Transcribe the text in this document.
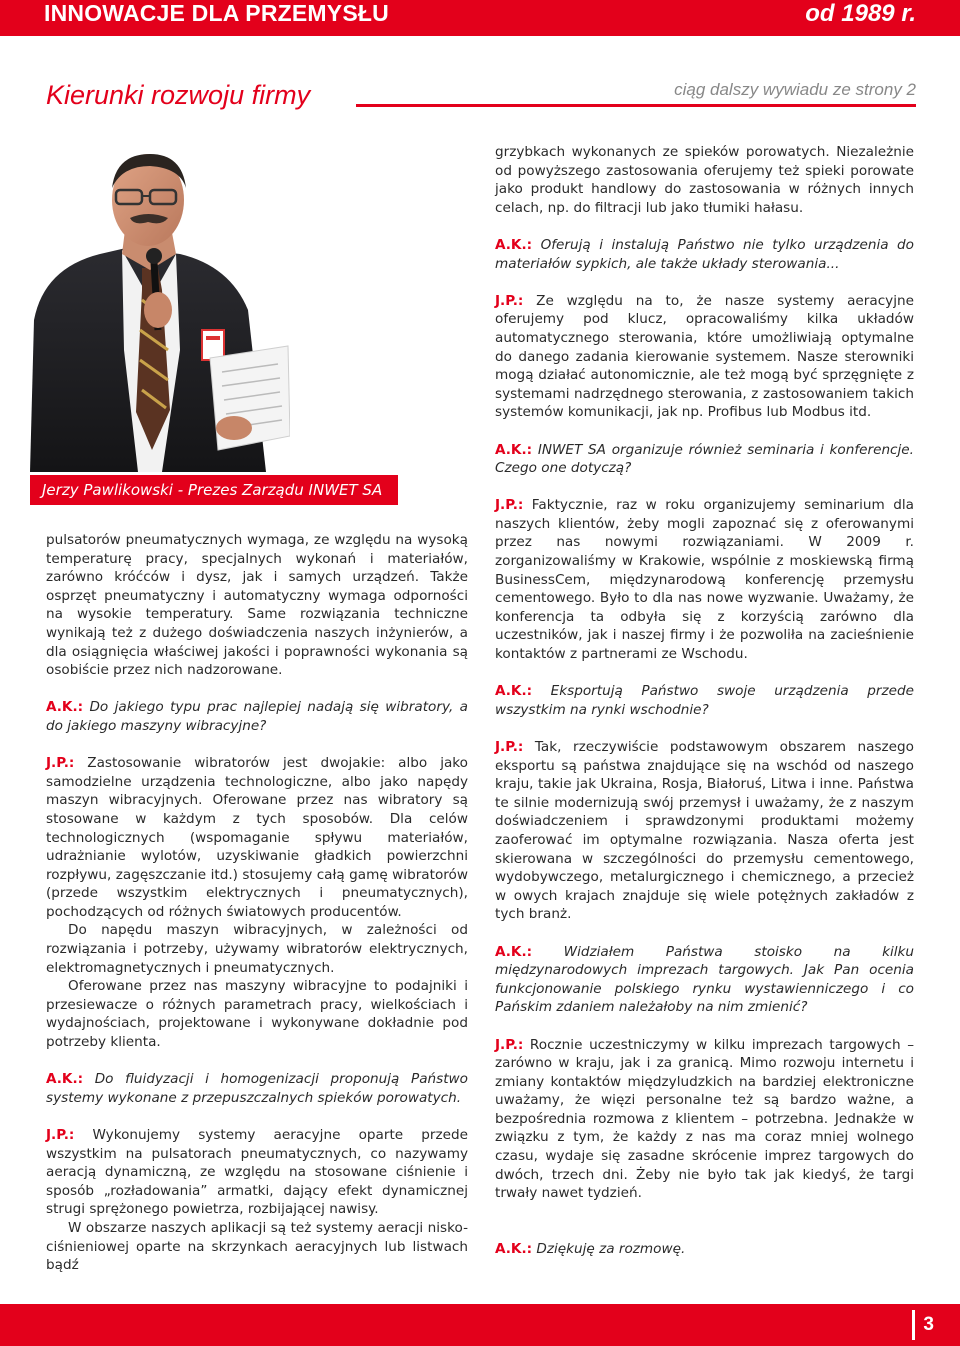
INNOWACJE DLA PRZEMYSŁU	od 1989 r.
Kierunki rozwoju firmy	ciąg dalszy wywiadu ze strony 2
Jerzy Pawlikowski - Prezes Zarządu INWET SA

pulsatorów pneumatycznych wymaga, ze względu na wysoką temperaturę pracy, specjalnych wykonań i materiałów, zarówno króćców i dysz, jak i samych urządzeń. Także osprzęt pneumatyczny i automatyczny wymaga odporności na wysokie temperatury. Same rozwiązania techniczne wynikają też z dużego doświadczenia naszych inżynierów, a dla osiągnięcia właściwej jakości i poprawności wykonania są osobiście przez nich nadzorowane.

A.K.: Do jakiego typu prac najlepiej nadają się wibratory, a do jakiego maszyny wibracyjne?

J.P.: Zastosowanie wibratorów jest dwojakie: albo jako samodzielne urządzenia technologiczne, albo jako napędy maszyn wibracyjnych. Oferowane przez nas wibratory są stosowane w każdym z tych sposobów. Dla celów technologicznych (wspomaganie spływu materiałów, udrażnianie wylotów, uzyskiwanie gładkich powierzchni rozpływu, zagęszczanie itd.) stosujemy całą gamę wibratorów (przede wszystkim elektrycznych i pneumatycznych), pochodzących od różnych światowych producentów.

Do napędu maszyn wibracyjnych, w zależności od rozwiązania i potrzeby, używamy wibratorów elektrycznych, elektromagnetycznych i pneumatycznych.

Oferowane przez nas maszyny wibracyjne to podajniki i przesiewacze o różnych parametrach pracy, wielkościach i wydajnościach, projektowane i wykonywane dokładnie pod potrzeby klienta.

A.K.: Do fluidyzacji i homogenizacji proponują Państwo systemy wykonane z przepuszczalnych spieków porowatych.

J.P.: Wykonujemy systemy aeracyjne oparte przede wszystkim na pulsatorach pneumatycznych, co nazywamy aeracją dynamiczną, ze względu na stosowane ciśnienie i sposób „rozładowania” armatki, dający efekt dynamicznej strugi sprężonego powietrza, rozbijającej nawisy.

W obszarze naszych aplikacji są też systemy aeracji nisko-ciśnieniowej oparte na skrzynkach aeracyjnych lub listwach bądź

grzybkach wykonanych ze spieków porowatych. Niezależnie od powyższego zastosowania oferujemy też spieki porowate jako produkt handlowy do zastosowania w różnych innych celach, np. do filtracji lub jako tłumiki hałasu.

A.K.: Oferują i instalują Państwo nie tylko urządzenia do materiałów sypkich, ale także układy sterowania...

J.P.: Ze względu na to, że nasze systemy aeracyjne oferujemy pod klucz, opracowaliśmy kilka układów automatycznego sterowania, które umożliwiają optymalne do danego zadania kierowanie systemem. Nasze sterowniki mogą działać autonomicznie, ale też mogą być sprzęgnięte z systemami nadrzędnego sterowania, z zastosowaniem takich systemów komunikacji, jak np. Profibus lub Modbus itd.

A.K.: INWET SA organizuje również seminaria i konferencje. Czego one dotyczą?

J.P.: Faktycznie, raz w roku organizujemy seminarium dla naszych klientów, żeby mogli zapoznać się z oferowanymi przez nas nowymi rozwiązaniami. W 2009 r. zorganizowaliśmy w Krakowie, wspólnie z moskiewską firmą BusinessCem, międzynarodową konferencję przemysłu cementowego. Było to dla nas nowe wyzwanie. Uważamy, że konferencja ta odbyła się z korzyścią zarówno dla uczestników, jak i naszej firmy i że pozwoliła na zacieśnienie kontaktów z partnerami ze Wschodu.

A.K.: Eksportują Państwo swoje urządzenia przede wszystkim na rynki wschodnie?

J.P.: Tak, rzeczywiście podstawowym obszarem naszego eksportu są państwa znajdujące się na wschód od naszego kraju, takie jak Ukraina, Rosja, Białoruś, Litwa i inne. Państwa te silnie modernizują swój przemysł i uważamy, że z naszym doświadczeniem i sprawdzonymi produktami możemy zaoferować im optymalne rozwiązania. Nasza oferta jest skierowana w szczególności do przemysłu cementowego, wydobywczego, metalurgicznego i chemicznego, a przecież w owych krajach znajduje się wiele potężnych zakładów z tych branż.

A.K.: Widziałem Państwa stoisko na kilku międzynarodowych imprezach targowych. Jak Pan ocenia funkcjonowanie polskiego rynku wystawienniczego i co Pańskim zdaniem należałoby na nim zmienić?

J.P.: Rocznie uczestniczymy w kilku imprezach targowych – zarówno w kraju, jak i za granicą. Mimo rozwoju internetu i zmiany kontaktów międzyludzkich na bardziej elektroniczne uważamy, że więzi personalne też są bardzo ważne, a bezpośrednia rozmowa z klientem – potrzebna. Jednakże w związku z tym, że każdy z nas ma coraz mniej wolnego czasu, wydaje się zasadne skrócenie imprez targowych do dwóch, trzech dni. Żeby nie było tak jak kiedyś, że targi trwały nawet tydzień.

A.K.: Dziękuję za rozmowę.

3
